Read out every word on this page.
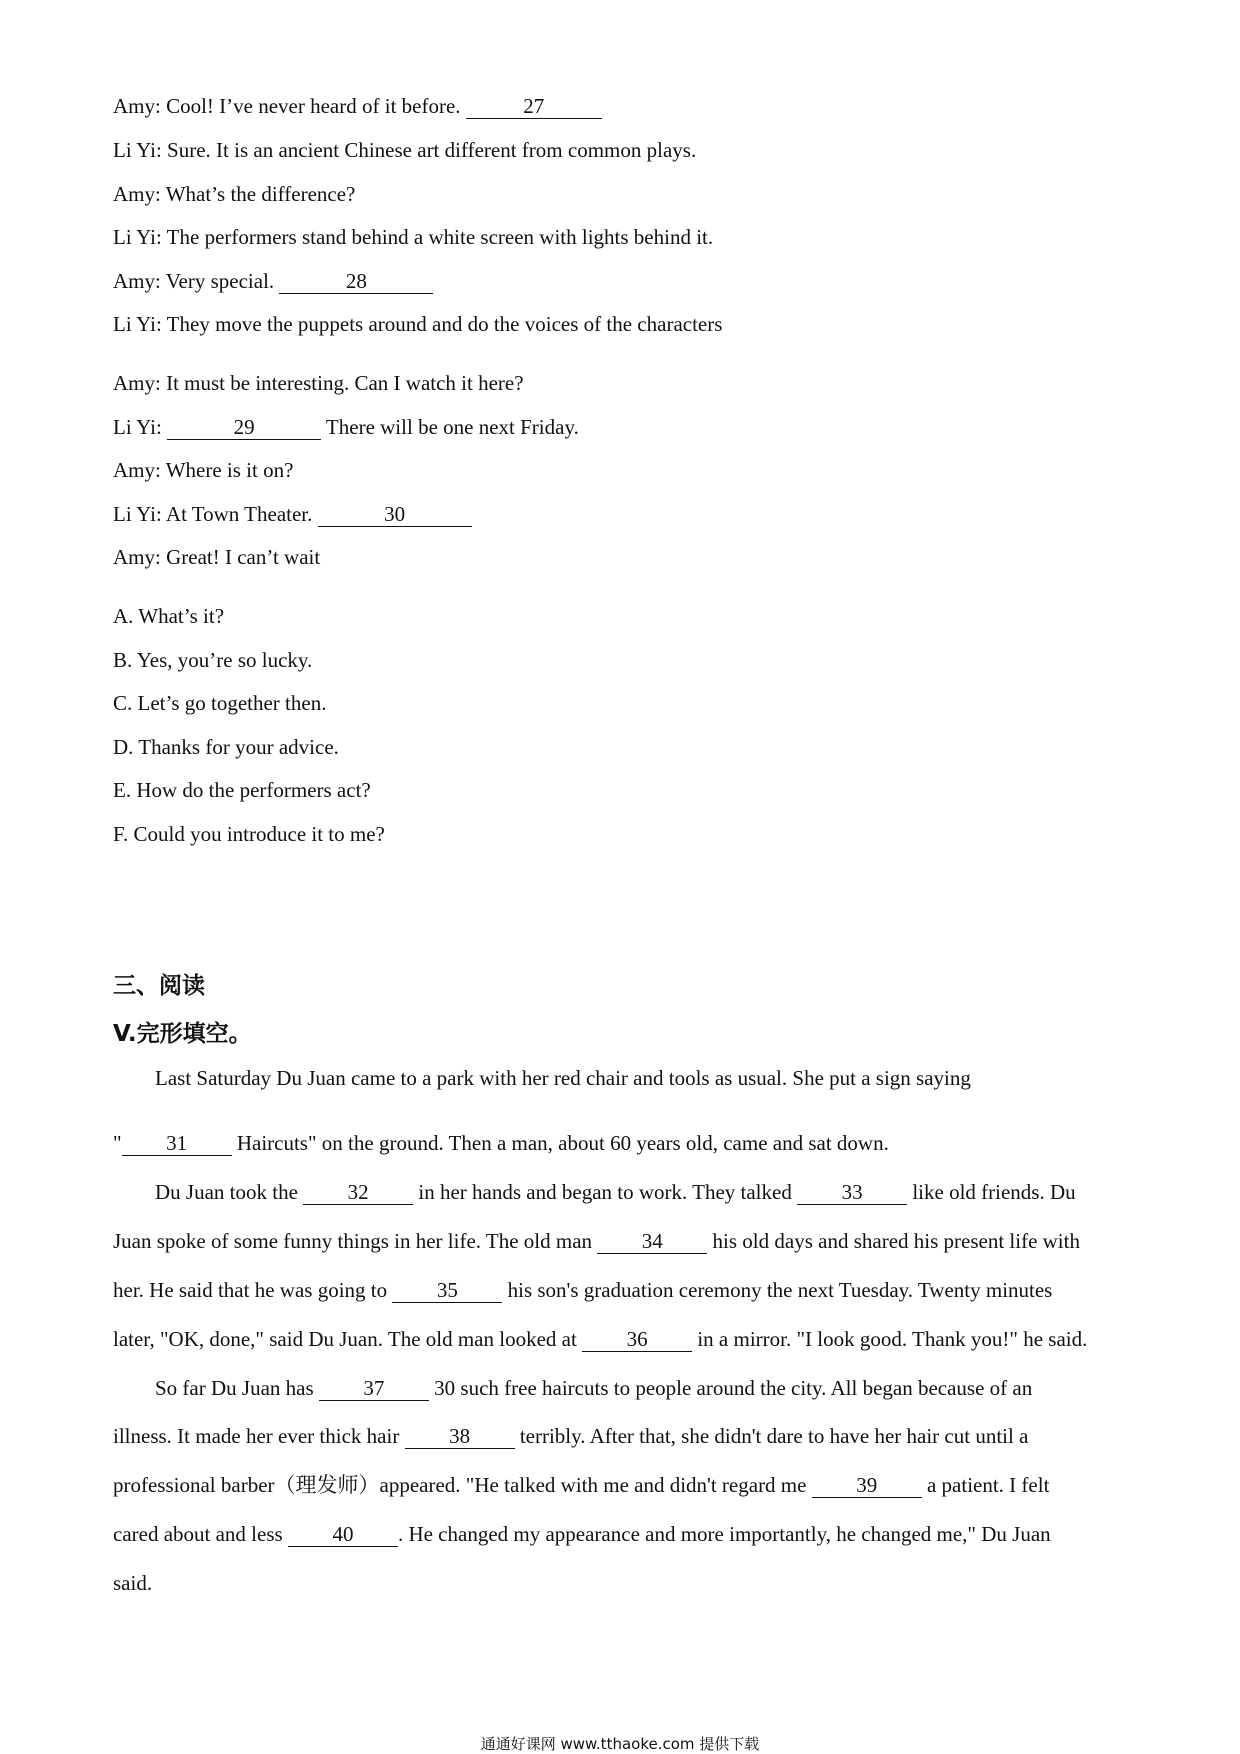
Amy: Cool! I’ve never heard of it before.	27
Li Yi: Sure. It is an ancient Chinese art different from common plays.
Amy: What’s the difference?
Li Yi: The performers stand behind a white screen with lights behind it.
Amy: Very special.	28
Li Yi: They move the puppets around and do the voices of the characters
Amy: It must be interesting. Can I watch it here?
Li Yi:	29	There will be one next Friday.
Amy: Where is it on?
Li Yi: At Town Theater.	30
Amy: Great! I can’t wait
A. What’s it?
B. Yes, you’re so lucky.
C. Let’s go together then.
D. Thanks for your advice.
E. How do the performers act?
F. Could you introduce it to me?
三、阅读
V.完形填空。
Last Saturday Du Juan came to a park with her red chair and tools as usual. She put a sign saying
" 31 Haircuts" on the ground. Then a man, about 60 years old, came and sat down.
Du Juan took the 32 in her hands and began to work. They talked 33 like old friends. Du
Juan spoke of some funny things in her life. The old man 34 his old days and shared his present life with
her. He said that he was going to 35 his son's graduation ceremony the next Tuesday. Twenty minutes
later, "OK, done," said Du Juan. The old man looked at 36 in a mirror. "I look good. Thank you!" he said.
So far Du Juan has 37 30 such free haircuts to people around the city. All began because of an
illness. It made her ever thick hair 38 terribly. After that, she didn't dare to have her hair cut until a
professional barber（理发师）appeared. "He talked with me and didn't regard me 39 a patient. I felt
cared about and less 40 . He changed my appearance and more importantly, he changed me," Du Juan
said.
通通好课网 www.tthaoke.com 提供下载
